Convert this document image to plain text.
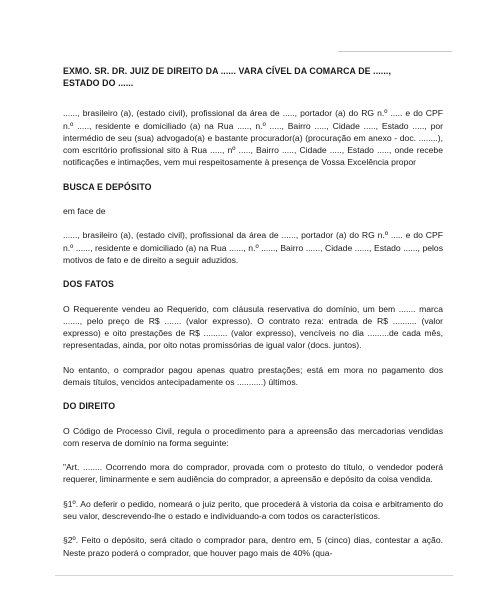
EXMO. SR. DR. JUIZ DE DIREITO DA ...... VARA CÍVEL DA COMARCA DE ......,
ESTADO DO ......

......, brasileiro (a), (estado civil), profissional da área de ....., portador (a) do RG n.º ..... e do CPF n.º ....., residente e domiciliado (a) na Rua ....., n.º ....., Bairro ....., Cidade ....., Estado ....., por intermédio de seu (sua) advogado(a) e bastante procurador(a) (procuração em anexo - doc. ........), com escritório profissional sito à Rua ....., nº ....., Bairro ....., Cidade ....., Estado ....., onde recebe notificações e intimações, vem mui respeitosamente à presença de Vossa Excelência propor

BUSCA E DEPÓSITO

em face de

......, brasileiro (a), (estado civil), profissional da área de ......, portador (a) do RG n.º ..... e do CPF n.º ......, residente e domiciliado (a) na Rua ......, n.º ......, Bairro ......, Cidade ......, Estado ......, pelos motivos de fato e de direito a seguir aduzidos.

DOS FATOS

O Requerente vendeu ao Requerido, com cláusula reservativa do domínio, um bem ....... marca ......., pelo preço de R$ ....... (valor expresso). O contrato reza: entrada de R$ .......... (valor expresso) e oito prestações de R$ .......... (valor expresso), vencíveis no dia .........de cada mês, representadas, ainda, por oito notas promissórias de igual valor (docs. juntos).

No entanto, o comprador pagou apenas quatro prestações; está em mora no pagamento dos demais títulos, vencidos antecipadamente os ...........) últimos.

DO DIREITO

O Código de Processo Civil, regula o procedimento para a apreensão das mercadorias vendidas com reserva de domínio na forma seguinte:

"Art. ........ Ocorrendo mora do comprador, provada com o protesto do título, o vendedor poderá requerer, liminarmente e sem audiência do comprador, a apreensão e depósito da coisa vendida.

§1º. Ao deferir o pedido, nomeará o juiz perito, que procederá à vistoria da coisa e arbitramento do seu valor, descrevendo-lhe o estado e individuando-a com todos os característicos.

§2º. Feito o depósito, será citado o comprador para, dentro em, 5 (cinco) dias, contestar a ação. Neste prazo poderá o comprador, que houver pago mais de 40% (qua-
